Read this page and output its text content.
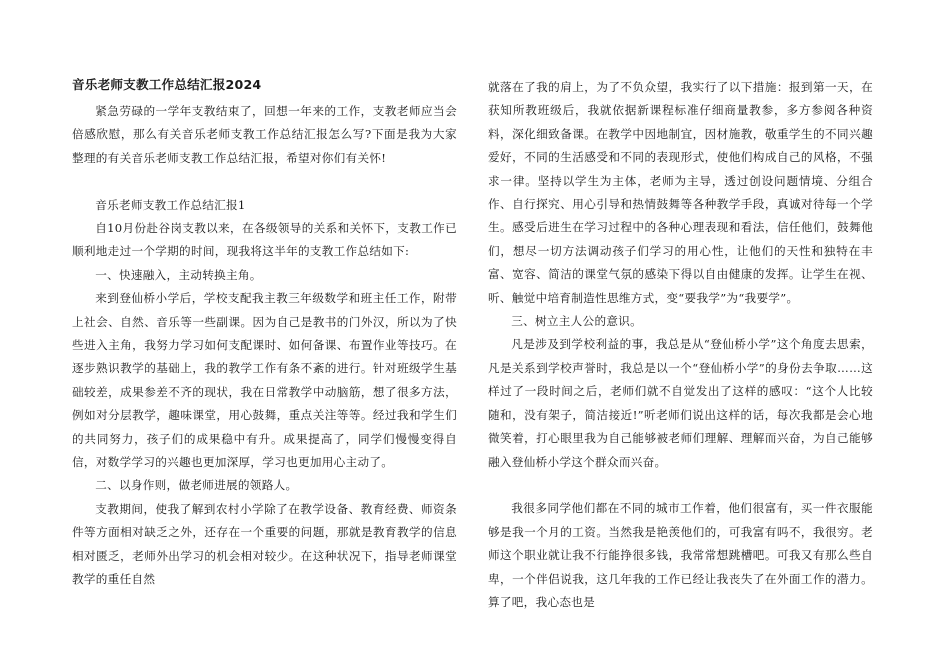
音乐老师支教工作总结汇报2024

紧急劳碌的一学年支教结束了，回想一年来的工作，支教老师应当会倍感欣慰，那么有关音乐老师支教工作总结汇报怎么写?下面是我为大家整理的有关音乐老师支教工作总结汇报，希望对你们有关怀!

音乐老师支教工作总结汇报1

自10月份赴谷岗支教以来，在各级领导的关系和关怀下，支教工作已顺利地走过一个学期的时间，现我将这半年的支教工作总结如下:

一、快速融入，主动转换主角。

来到登仙桥小学后，学校支配我主教三年级数学和班主任工作，附带上社会、自然、音乐等一些副课。因为自己是教书的门外汉，所以为了快些进入主角，我努力学习如何支配课时、如何备课、布置作业等技巧。在逐步熟识教学的基础上，我的教学工作有条不紊的进行。针对班级学生基础较差，成果参差不齐的现状，我在日常教学中动脑筋，想了很多方法，例如对分层教学，趣味课堂，用心鼓舞，重点关注等等。经过我和学生们的共同努力，孩子们的成果稳中有升。成果提高了，同学们慢慢变得自信，对数学学习的兴趣也更加深厚，学习也更加用心主动了。

二、以身作则，做老师进展的领路人。

支教期间，使我了解到农村小学除了在教学设备、教育经费、师资条件等方面相对缺乏之外，还存在一个重要的问题，那就是教育教学的信息相对匮乏，老师外出学习的机会相对较少。在这种状况下，指导老师课堂教学的重任自然

就落在了我的肩上，为了不负众望，我实行了以下措施：报到第一天，在获知所教班级后，我就依据新课程标准仔细商量教参，多方参阅各种资料，深化细致备课。在教学中因地制宜，因材施教，敬重学生的不同兴趣爱好，不同的生活感受和不同的表现形式，使他们构成自己的风格，不强求一律。坚持以学生为主体，老师为主导，透过创设问题情境、分组合作、自行探究、用心引导和热情鼓舞等各种教学手段，真诚对待每一个学生。感受后进生在学习过程中的各种心理表现和看法，信任他们，鼓舞他们，想尽一切方法调动孩子们学习的用心性，让他们的天性和独特在丰富、宽容、简洁的课堂气氛的感染下得以自由健康的发挥。让学生在视、听、触觉中培育制造性思维方式，变“要我学”为“我要学”。

三、树立主人公的意识。

凡是涉及到学校利益的事，我总是从“登仙桥小学”这个角度去思索，凡是关系到学校声誉时，我总是以一个“登仙桥小学”的身份去争取……这样过了一段时间之后，老师们就不自觉发出了这样的感叹：“这个人比较随和，没有架子，简洁接近!”听老师们说出这样的话，每次我都是会心地微笑着，打心眼里我为自己能够被老师们理解、理解而兴奋，为自己能够融入登仙桥小学这个群众而兴奋。

我很多同学他们都在不同的城市工作着，他们很富有，买一件衣服能够是我一个月的工资。当然我是艳羡他们的，可我富有吗不，我很穷。老师这个职业就让我不行能挣很多钱，我常常想跳槽吧。可我又有那么些自卑，一个伴侣说我，这几年我的工作已经让我丧失了在外面工作的潜力。算了吧，我心态也是
